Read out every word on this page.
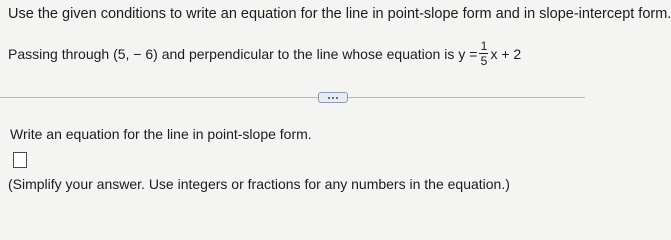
Use the given conditions to write an equation for the line in point-slope form and in slope-intercept form.
Passing through (5, − 6) and perpendicular to the line whose equation is $y = \frac{1}{5}$ x + 2
Write an equation for the line in point-slope form.
(Simplify your answer. Use integers or fractions for any numbers in the equation.)
